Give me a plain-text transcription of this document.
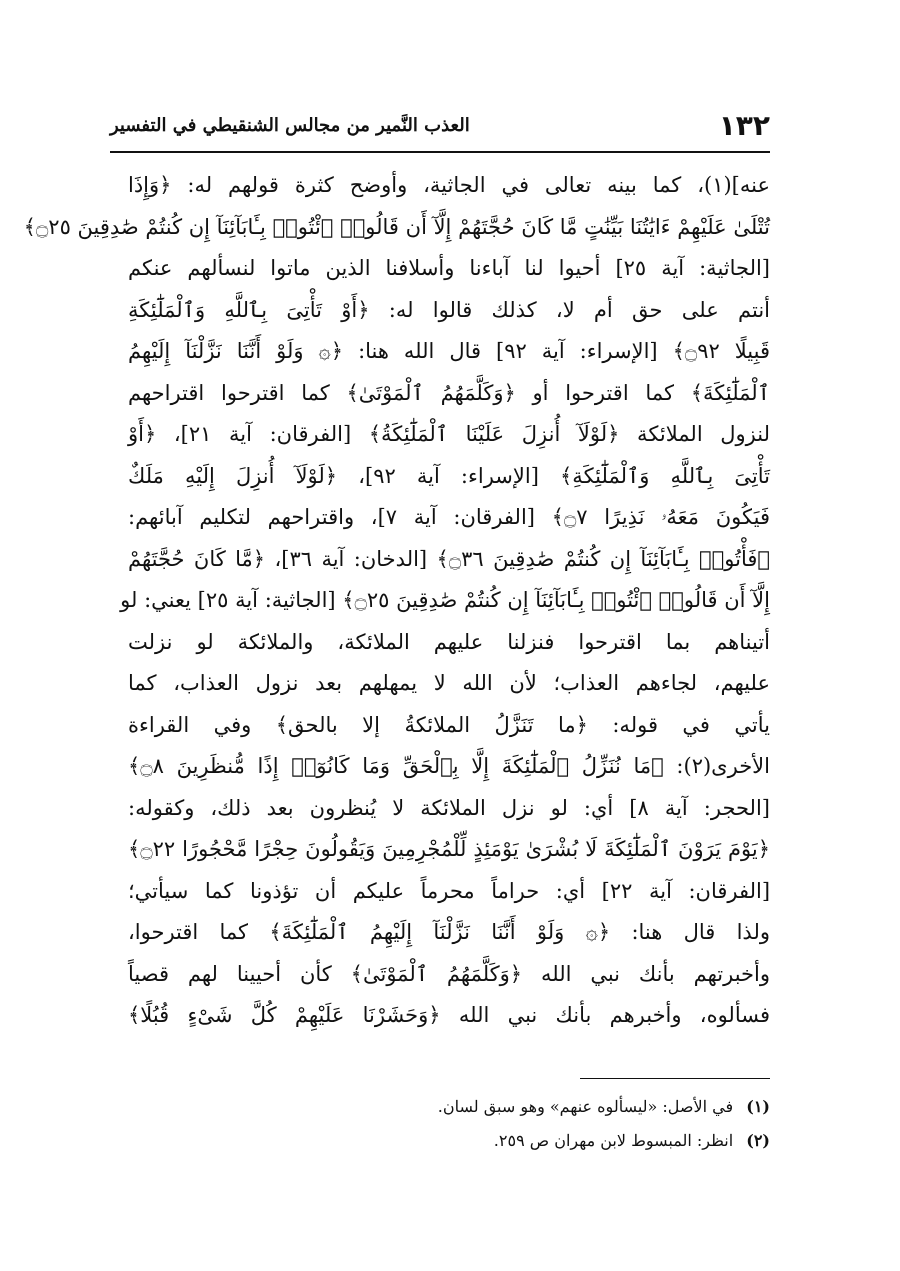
١٣٢
العذب النَّمير من مجالس الشنقيطي في التفسير
عنه](١)، كما بينه تعالى في الجاثية، وأوضح كثرة قولهم له: ﴿وَإِذَا
تُتْلَىٰ عَلَيْهِمْ ءَايَٰتُنَا بَيِّنَٰتٍ مَّا كَانَ حُجَّتَهُمْ إِلَّآ أَن قَالُوا۟ ٱئْتُوا۟ بِـَٔابَآئِنَآ إِن كُنتُمْ صَٰدِقِينَ ۝٢٥﴾
[الجاثية: آية ٢٥] أحيوا لنا آباءنا وأسلافنا الذين ماتوا لنسألهم عنكم
أنتم على حق أم لا، كذلك قالوا له: ﴿أَوْ تَأْتِىَ بِٱللَّهِ وَٱلْمَلَٰٓئِكَةِ
قَبِيلًا ۝٩٢﴾ [الإسراء: آية ٩٢] قال الله هنا: ﴿۞ وَلَوْ أَنَّنَا نَزَّلْنَآ إِلَيْهِمُ
ٱلْمَلَٰٓئِكَةَ﴾ كما اقترحوا أو ﴿وَكَلَّمَهُمُ ٱلْمَوْتَىٰ﴾ كما اقترحوا اقتراحهم
لنزول الملائكة ﴿لَوْلَآ أُنزِلَ عَلَيْنَا ٱلْمَلَٰٓئِكَةُ﴾ [الفرقان: آية ٢١]، ﴿أَوْ
تَأْتِىَ بِٱللَّهِ وَٱلْمَلَٰٓئِكَةِ﴾ [الإسراء: آية ٩٢]، ﴿لَوْلَآ أُنزِلَ إِلَيْهِ مَلَكٌ
فَيَكُونَ مَعَهُۥ نَذِيرًا ۝٧﴾ [الفرقان: آية ٧]، واقتراحهم لتكليم آبائهم:
﴿فَأْتُوا۟ بِـَٔابَآئِنَآ إِن كُنتُمْ صَٰدِقِينَ ۝٣٦﴾ [الدخان: آية ٣٦]، ﴿مَّا كَانَ حُجَّتَهُمْ
إِلَّآ أَن قَالُوا۟ ٱئْتُوا۟ بِـَٔابَآئِنَآ إِن كُنتُمْ صَٰدِقِينَ ۝٢٥﴾ [الجاثية: آية ٢٥] يعني: لو
أتيناهم بما اقترحوا فنزلنا عليهم الملائكة، والملائكة لو نزلت
عليهم، لجاءهم العذاب؛ لأن الله لا يمهلهم بعد نزول العذاب، كما
يأتي في قوله: ﴿ما تَنَزَّلُ الملائكةُ إلا بالحق﴾ وفي القراءة
الأخرى(٢): ﴿مَا نُنَزِّلُ ٱلْمَلَٰٓئِكَةَ إِلَّا بِٱلْحَقِّ وَمَا كَانُوٓا۟ إِذًا مُّنظَرِينَ ۝٨﴾
[الحجر: آية ٨] أي: لو نزل الملائكة لا يُنظرون بعد ذلك، وكقوله:
﴿يَوْمَ يَرَوْنَ ٱلْمَلَٰٓئِكَةَ لَا بُشْرَىٰ يَوْمَئِذٍ لِّلْمُجْرِمِينَ وَيَقُولُونَ حِجْرًا مَّحْجُورًا ۝٢٢﴾
[الفرقان: آية ٢٢] أي: حراماً محرماً عليكم أن تؤذونا كما سيأتي؛
ولذا قال هنا: ﴿۞ وَلَوْ أَنَّنَا نَزَّلْنَآ إِلَيْهِمُ ٱلْمَلَٰٓئِكَةَ﴾ كما اقترحوا،
وأخبرتهم بأنك نبي الله ﴿وَكَلَّمَهُمُ ٱلْمَوْتَىٰ﴾ كأن أحيينا لهم قصياً
فسألوه، وأخبرهم بأنك نبي الله ﴿وَحَشَرْنَا عَلَيْهِمْ كُلَّ شَىْءٍ قُبُلًا﴾
(١) في الأصل: «ليسألوه عنهم» وهو سبق لسان.
(٢) انظر: المبسوط لابن مهران ص ٢٥٩.
